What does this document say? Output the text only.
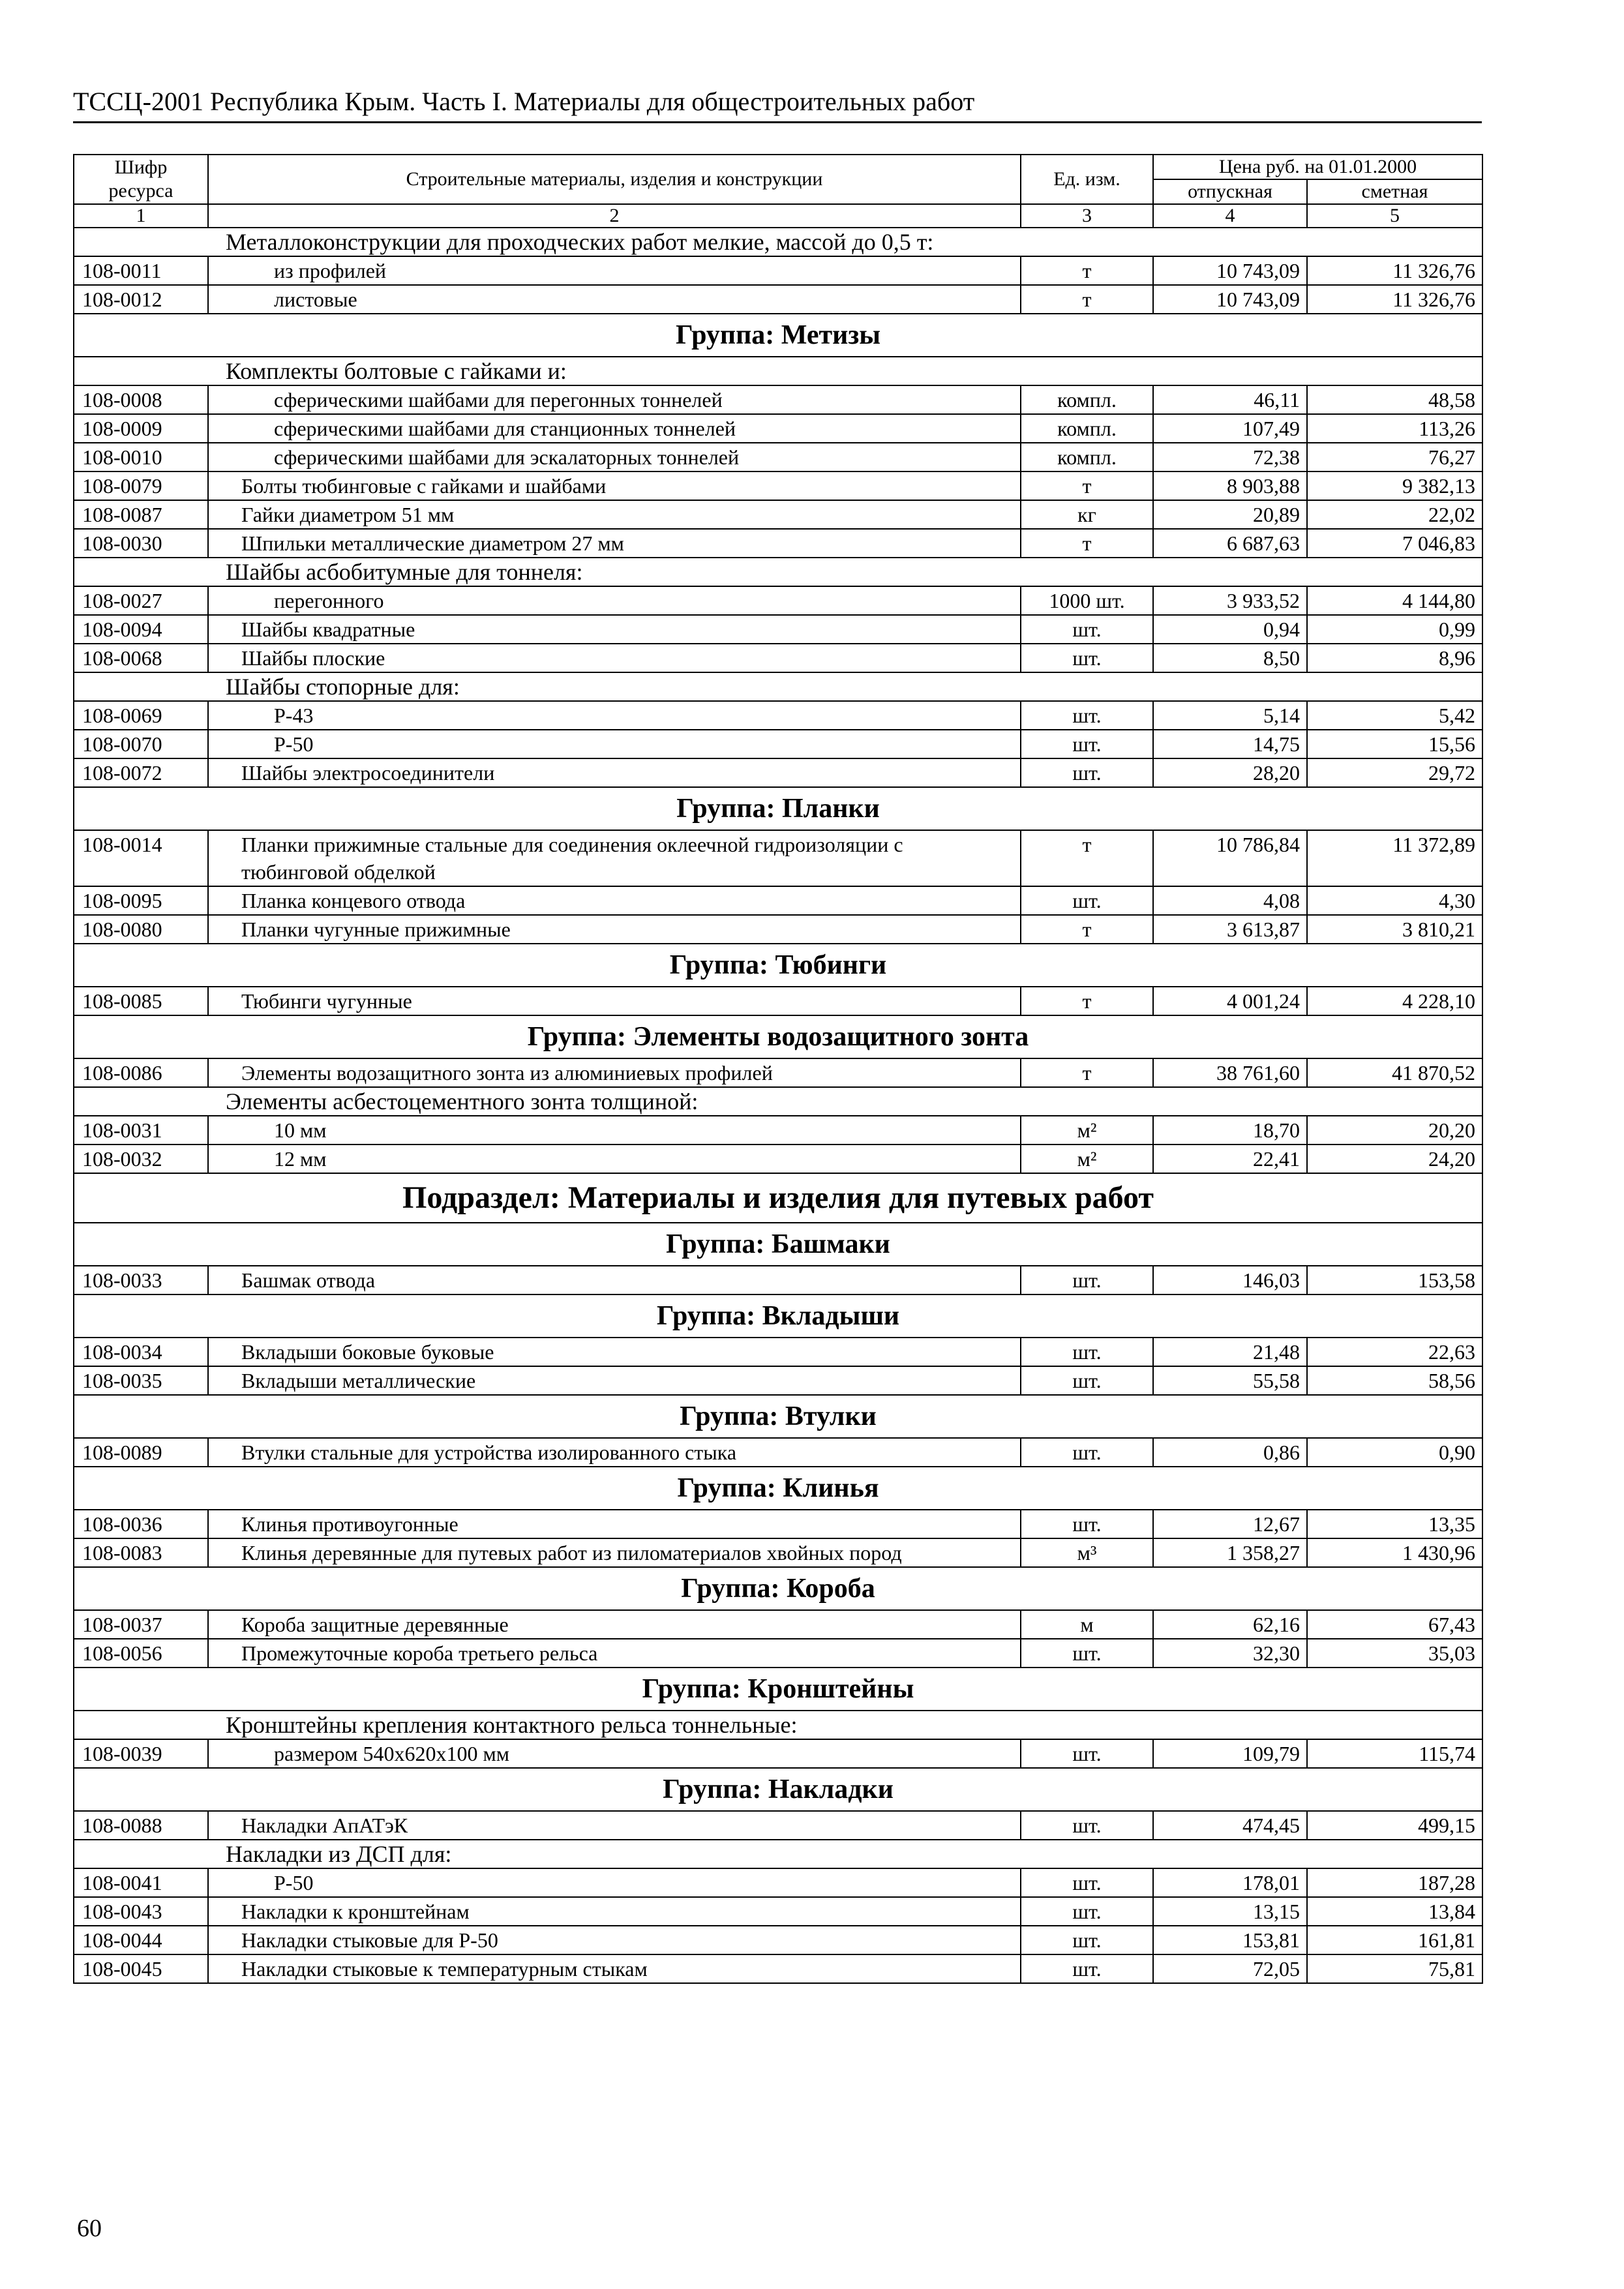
ТССЦ-2001 Республика Крым. Часть I. Материалы для общестроительных работ
Шифр ресурса	Строительные материалы, изделия и конструкции	Ед. изм.	Цена руб. на 01.01.2000	
			отпускная	сметная
1	2	3	4	5
Металлоконструкции для проходческих работ мелкие, массой до 0,5 т:				
108-0011	из профилей	т	10 743,09	11 326,76
108-0012	листовые	т	10 743,09	11 326,76
Группа: Метизы				
Комплекты болтовые с гайками и:				
108-0008	сферическими шайбами для перегонных тоннелей	компл.	46,11	48,58
108-0009	сферическими шайбами для станционных тоннелей	компл.	107,49	113,26
108-0010	сферическими шайбами для эскалаторных тоннелей	компл.	72,38	76,27
108-0079	Болты тюбинговые с гайками и шайбами	т	8 903,88	9 382,13
108-0087	Гайки диаметром 51 мм	кг	20,89	22,02
108-0030	Шпильки металлические диаметром 27 мм	т	6 687,63	7 046,83
Шайбы асбобитумные для тоннеля:				
108-0027	перегонного	1000 шт.	3 933,52	4 144,80
108-0094	Шайбы квадратные	шт.	0,94	0,99
108-0068	Шайбы плоские	шт.	8,50	8,96
Шайбы стопорные для:				
108-0069	Р-43	шт.	5,14	5,42
108-0070	Р-50	шт.	14,75	15,56
108-0072	Шайбы электросоединители	шт.	28,20	29,72
Группа: Планки				
108-0014	Планки прижимные стальные для соединения оклеечной гидроизоляции с тюбинговой обделкой	т	10 786,84	11 372,89
108-0095	Планка концевого отвода	шт.	4,08	4,30
108-0080	Планки чугунные прижимные	т	3 613,87	3 810,21
Группа: Тюбинги				
108-0085	Тюбинги чугунные	т	4 001,24	4 228,10
Группа: Элементы водозащитного зонта				
108-0086	Элементы водозащитного зонта из алюминиевых профилей	т	38 761,60	41 870,52
Элементы асбестоцементного зонта толщиной:				
108-0031	10 мм	м²	18,70	20,20
108-0032	12 мм	м²	22,41	24,20
Подраздел: Материалы и изделия для путевых работ				
Группа: Башмаки				
108-0033	Башмак отвода	шт.	146,03	153,58
Группа: Вкладыши				
108-0034	Вкладыши боковые буковые	шт.	21,48	22,63
108-0035	Вкладыши металлические	шт.	55,58	58,56
Группа: Втулки				
108-0089	Втулки стальные для устройства изолированного стыка	шт.	0,86	0,90
Группа: Клинья				
108-0036	Клинья противоугонные	шт.	12,67	13,35
108-0083	Клинья деревянные для путевых работ из пиломатериалов хвойных пород	м³	1 358,27	1 430,96
Группа: Короба				
108-0037	Короба защитные деревянные	м	62,16	67,43
108-0056	Промежуточные короба третьего рельса	шт.	32,30	35,03
Группа: Кронштейны				
Кронштейны крепления контактного рельса тоннельные:				
108-0039	размером 540х620х100 мм	шт.	109,79	115,74
Группа: Накладки				
108-0088	Накладки АпАТэК	шт.	474,45	499,15
Накладки из ДСП для:				
108-0041	Р-50	шт.	178,01	187,28
108-0043	Накладки к кронштейнам	шт.	13,15	13,84
108-0044	Накладки стыковые для Р-50	шт.	153,81	161,81
108-0045	Накладки стыковые к температурным стыкам	шт.	72,05	75,81
60
